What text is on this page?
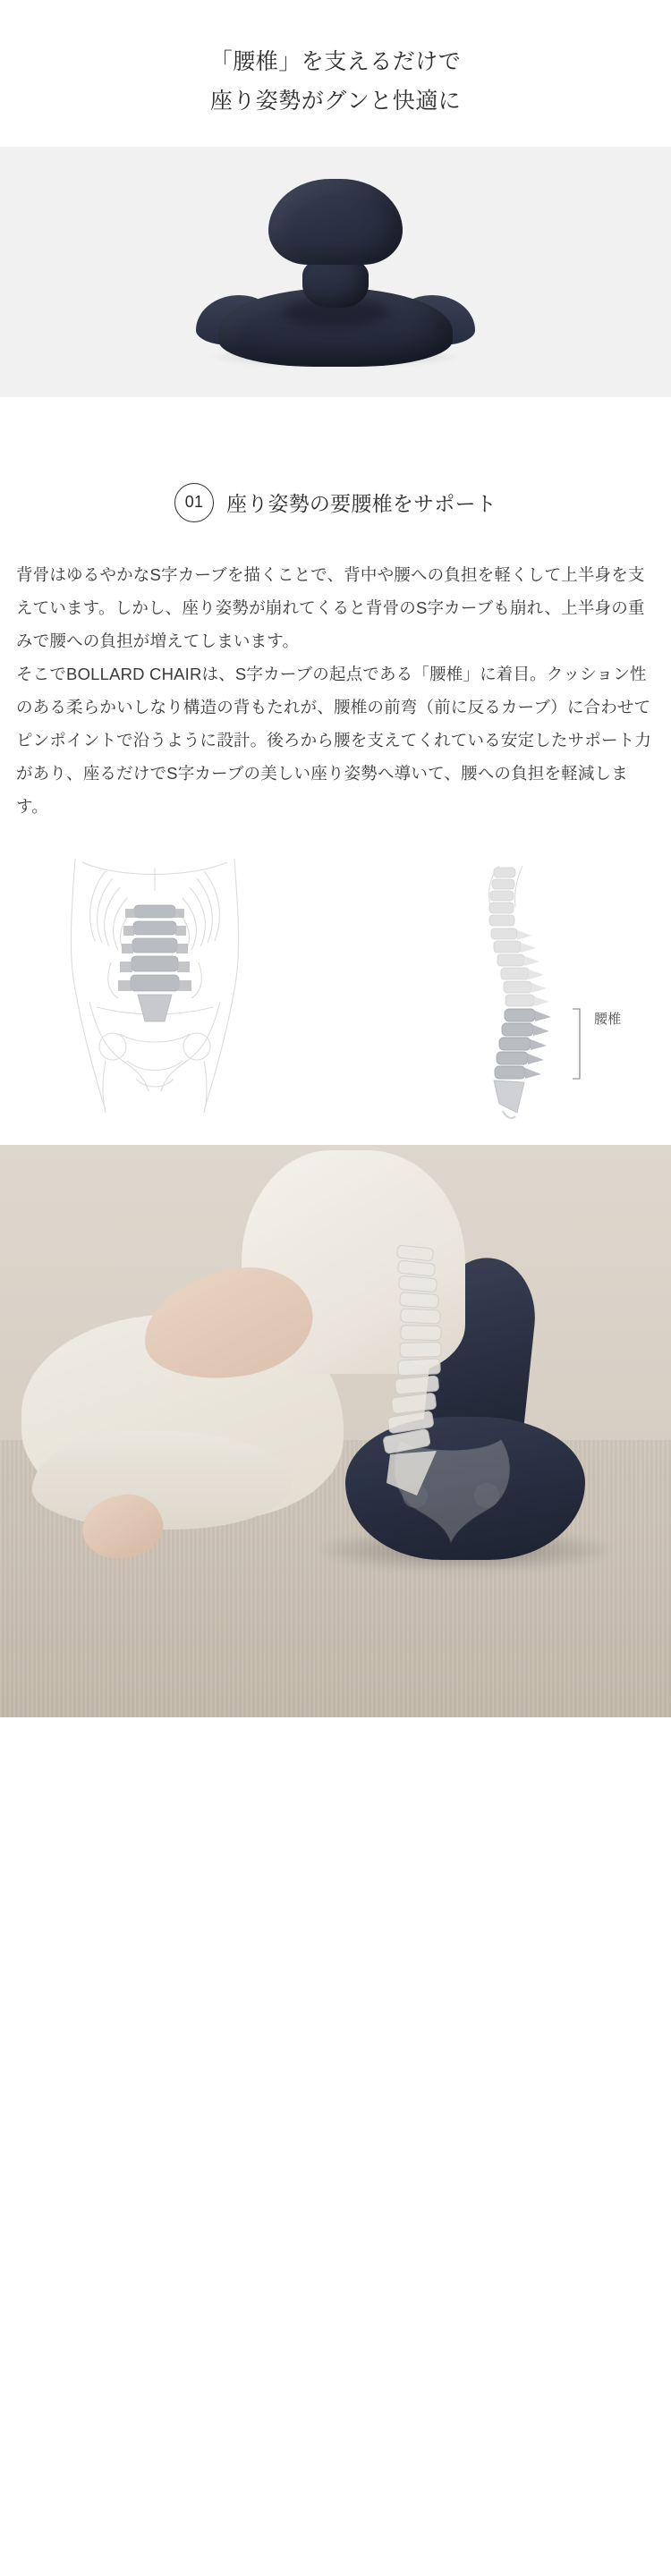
「腰椎」を支えるだけで
座り姿勢がグンと快適に
01	座り姿勢の要腰椎をサポート

背骨はゆるやかなS字カーブを描くことで、背中や腰への負担を軽くして上半身を支えています。しかし、座り姿勢が崩れてくると背骨のS字カーブも崩れ、上半身の重みで腰への負担が増えてしまいます。

そこでBOLLARD CHAIRは、S字カーブの起点である「腰椎」に着目。クッション性のある柔らかいしなり構造の背もたれが、腰椎の前弯（前に反るカーブ）に合わせてピンポイントで沿うように設計。後ろから腰を支えてくれている安定したサポート力があり、座るだけでS字カーブの美しい座り姿勢へ導いて、腰への負担を軽減します。

腰椎
